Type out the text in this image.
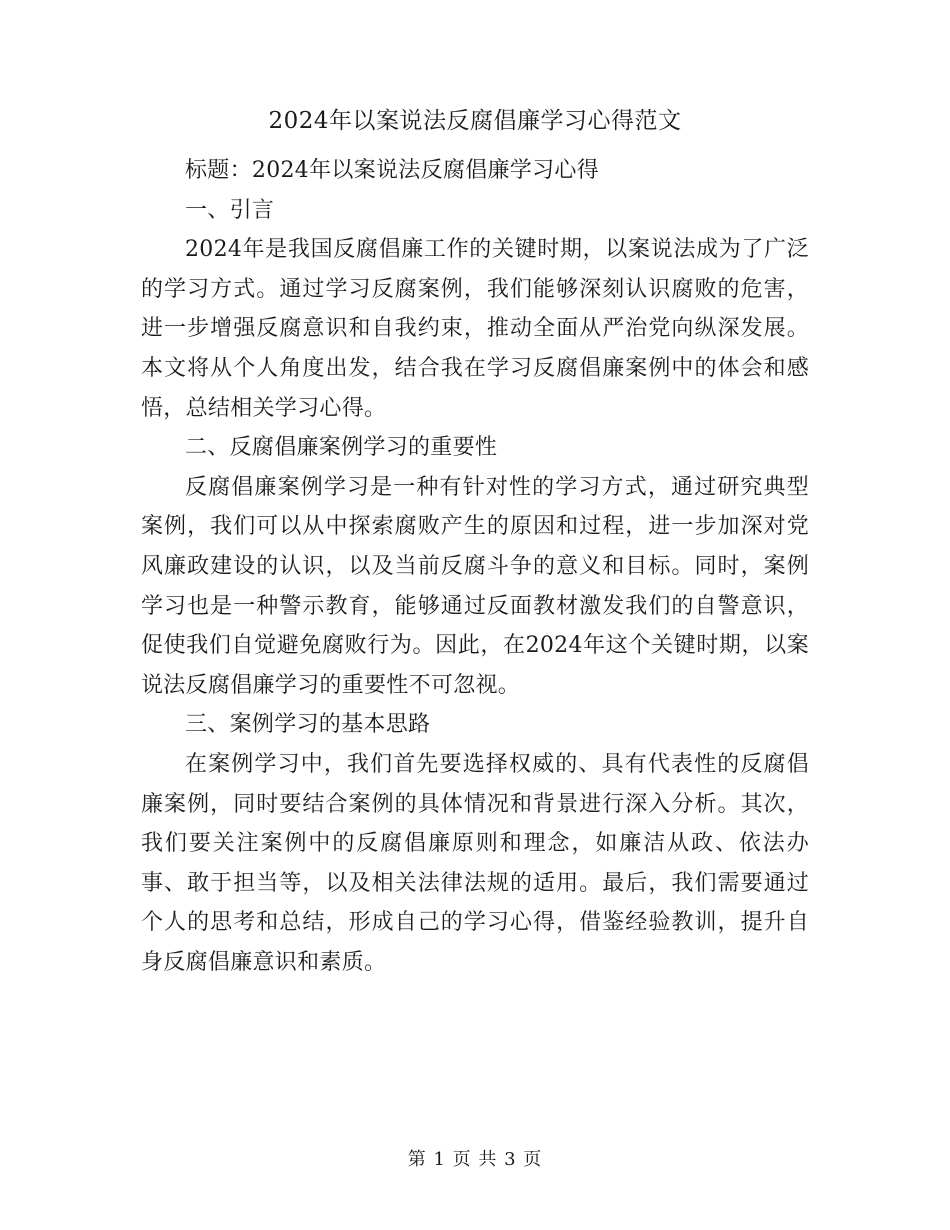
2024年以案说法反腐倡廉学习心得范文

标题：2024年以案说法反腐倡廉学习心得

一、引言

2024年是我国反腐倡廉工作的关键时期，以案说法成为了广泛的学习方式。通过学习反腐案例，我们能够深刻认识腐败的危害，进一步增强反腐意识和自我约束，推动全面从严治党向纵深发展。本文将从个人角度出发，结合我在学习反腐倡廉案例中的体会和感悟，总结相关学习心得。

二、反腐倡廉案例学习的重要性

反腐倡廉案例学习是一种有针对性的学习方式，通过研究典型案例，我们可以从中探索腐败产生的原因和过程，进一步加深对党风廉政建设的认识，以及当前反腐斗争的意义和目标。同时，案例学习也是一种警示教育，能够通过反面教材激发我们的自警意识，促使我们自觉避免腐败行为。因此，在2024年这个关键时期，以案说法反腐倡廉学习的重要性不可忽视。

三、案例学习的基本思路

在案例学习中，我们首先要选择权威的、具有代表性的反腐倡廉案例，同时要结合案例的具体情况和背景进行深入分析。其次，我们要关注案例中的反腐倡廉原则和理念，如廉洁从政、依法办事、敢于担当等，以及相关法律法规的适用。最后，我们需要通过个人的思考和总结，形成自己的学习心得，借鉴经验教训，提升自身反腐倡廉意识和素质。

第 1 页 共 3 页
